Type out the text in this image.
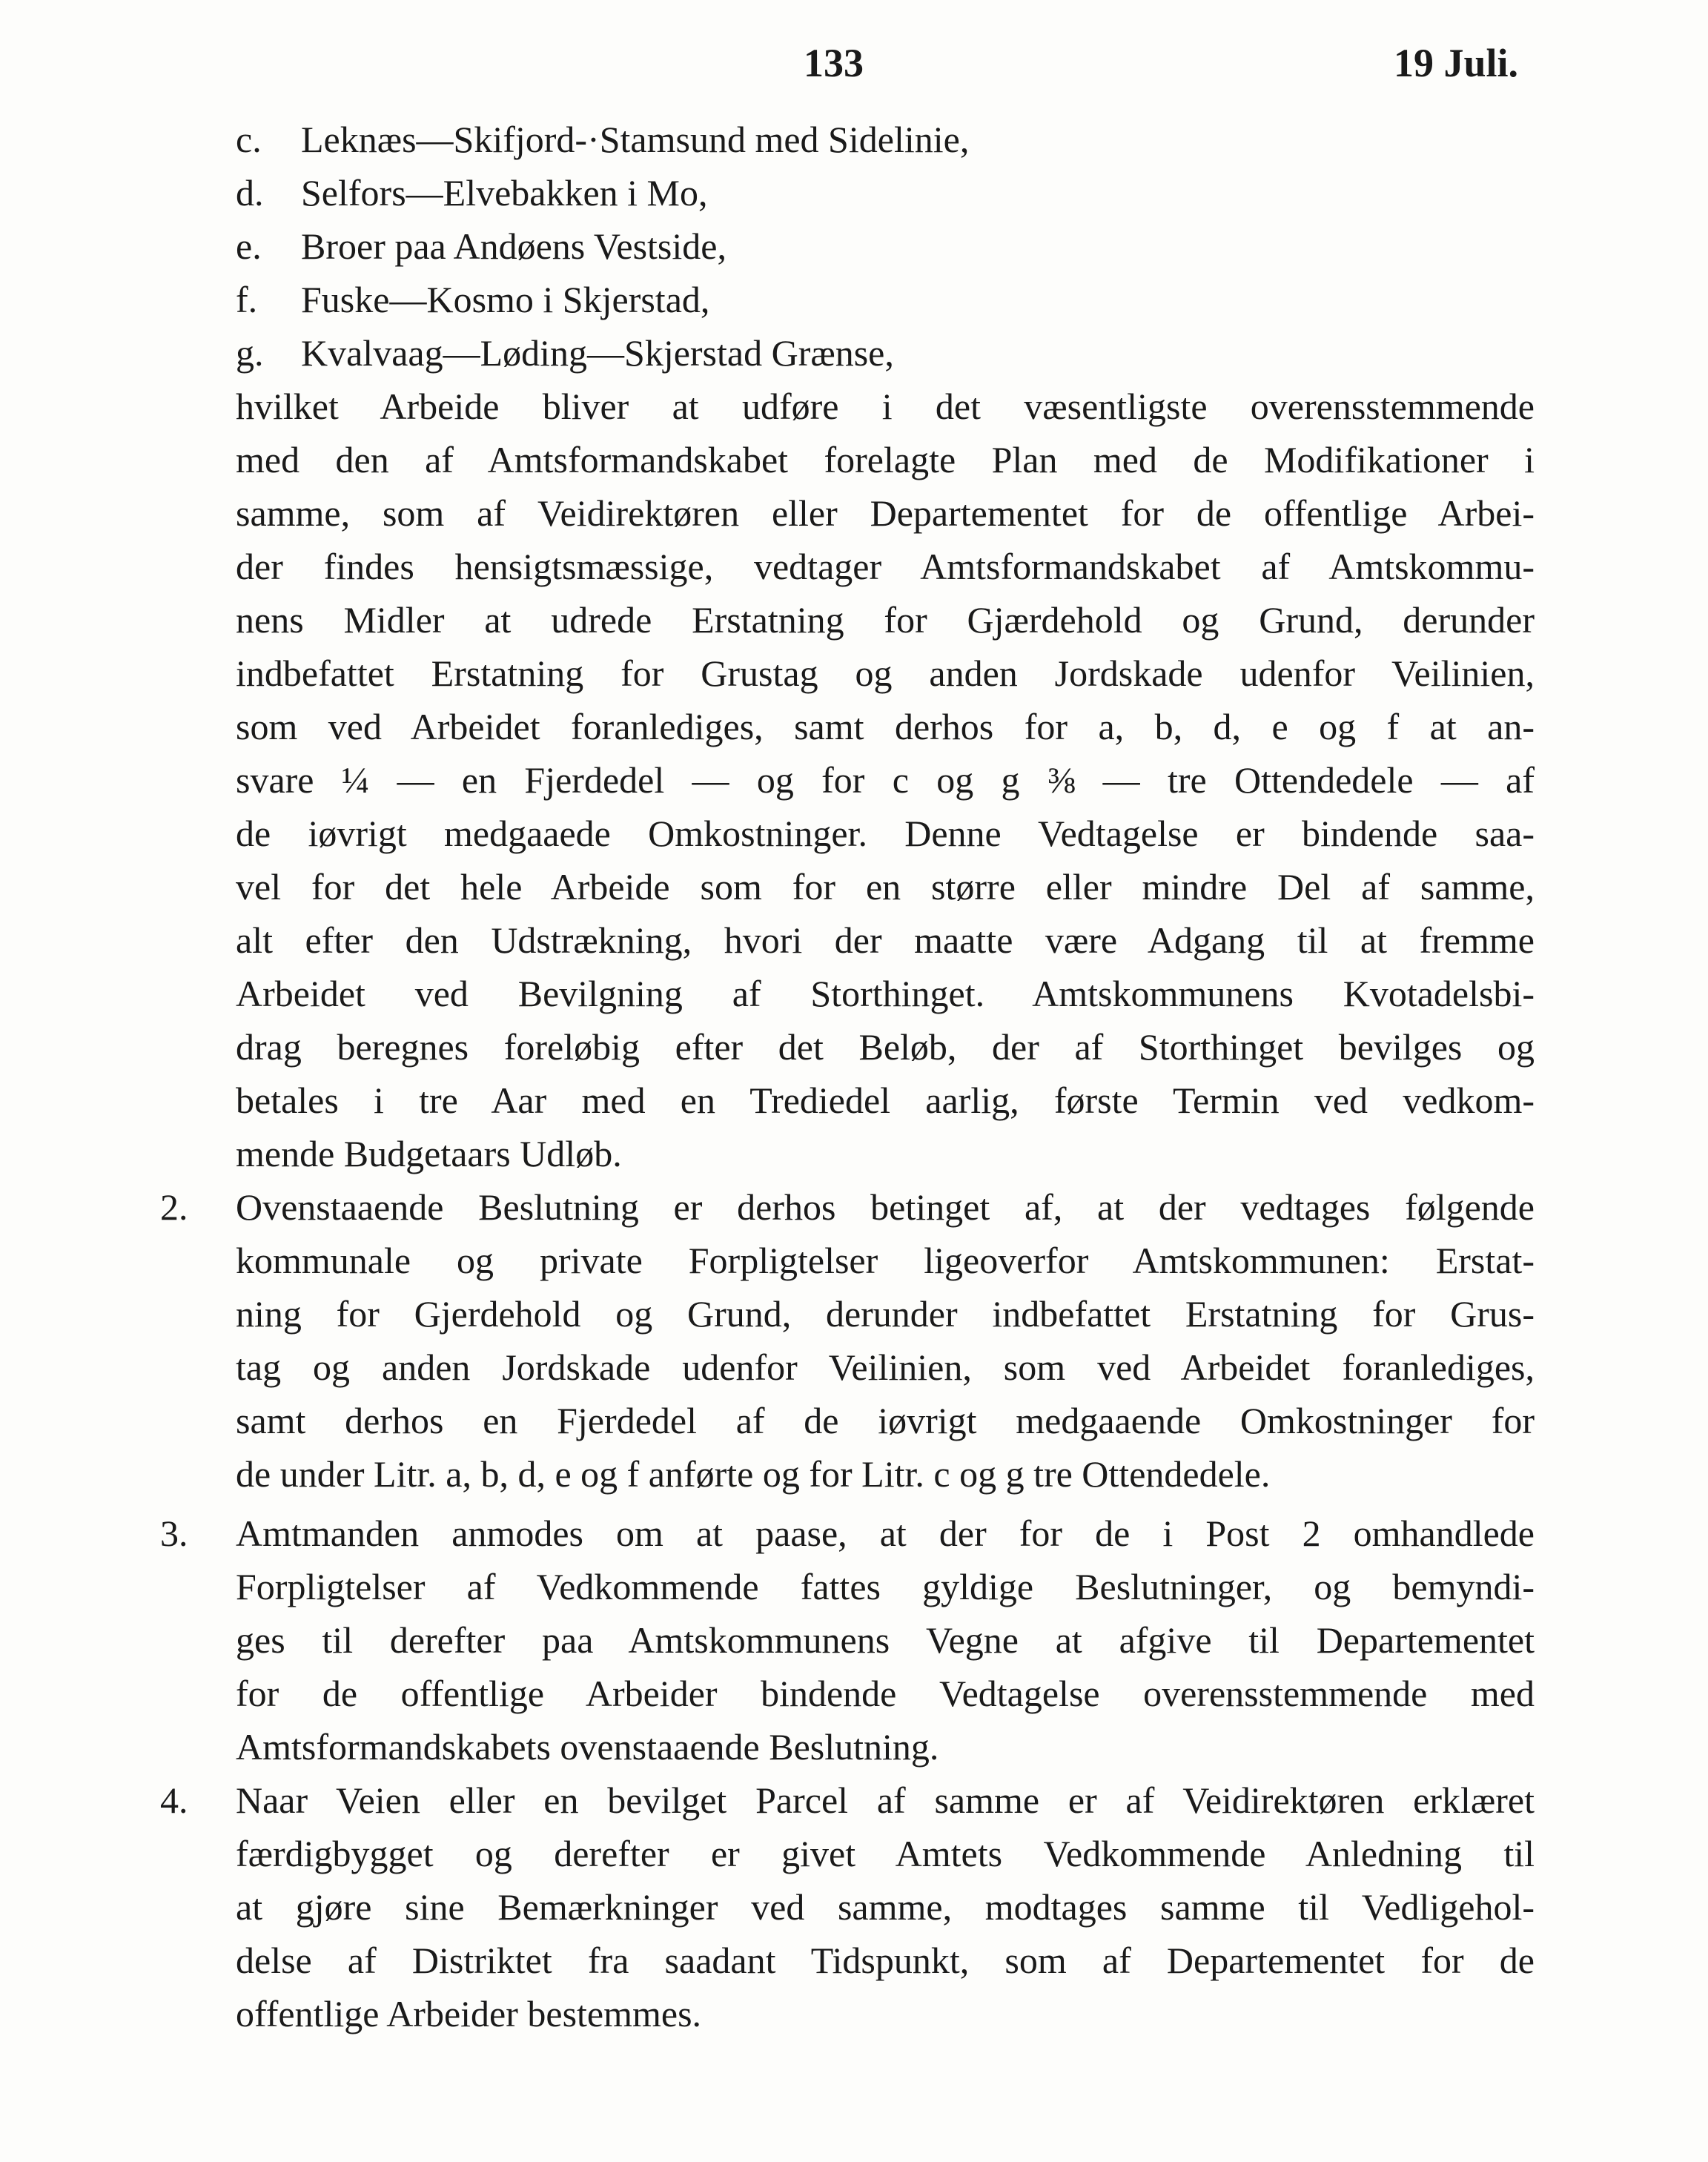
133	19 Juli.
c. Leknæs—Skifjord-·Stamsund med Sidelinie,
d. Selfors—Elvebakken i Mo,
e. Broer paa Andøens Vestside,
f. Fuske—Kosmo i Skjerstad,
g. Kvalvaag—Løding—Skjerstad Grænse,
hvilket Arbeide bliver at udføre i det væsentligste overensstemmende
med den af Amtsformandskabet forelagte Plan med de Modifikationer i
samme, som af Veidirektøren eller Departementet for de offentlige Arbei-
der findes hensigtsmæssige, vedtager Amtsformandskabet af Amtskommu-
nens Midler at udrede Erstatning for Gjærdehold og Grund, derunder
indbefattet Erstatning for Grustag og anden Jordskade udenfor Veilinien,
som ved Arbeidet foranlediges, samt derhos for a, b, d, e og f at an-
svare ¼ — en Fjerdedel — og for c og g ⅜ — tre Ottendedele — af
de iøvrigt medgaaede Omkostninger. Denne Vedtagelse er bindende saa-
vel for det hele Arbeide som for en større eller mindre Del af samme,
alt efter den Udstrækning, hvori der maatte være Adgang til at fremme
Arbeidet ved Bevilgning af Storthinget. Amtskommunens Kvotadelsbi-
drag beregnes foreløbig efter det Beløb, der af Storthinget bevilges og
betales i tre Aar med en Trediedel aarlig, første Termin ved vedkom-
mende Budgetaars Udløb.
2. Ovenstaaende Beslutning er derhos betinget af, at der vedtages følgende
kommunale og private Forpligtelser ligeoverfor Amtskommunen: Erstat-
ning for Gjerdehold og Grund, derunder indbefattet Erstatning for Grus-
tag og anden Jordskade udenfor Veilinien, som ved Arbeidet foranlediges,
samt derhos en Fjerdedel af de iøvrigt medgaaende Omkostninger for
de under Litr. a, b, d, e og f anførte og for Litr. c og g tre Ottendedele.
3. Amtmanden anmodes om at paase, at der for de i Post 2 omhandlede
Forpligtelser af Vedkommende fattes gyldige Beslutninger, og bemyndi-
ges til derefter paa Amtskommunens Vegne at afgive til Departementet
for de offentlige Arbeider bindende Vedtagelse overensstemmende med
Amtsformandskabets ovenstaaende Beslutning.
4. Naar Veien eller en bevilget Parcel af samme er af Veidirektøren erklæret
færdigbygget og derefter er givet Amtets Vedkommende Anledning til
at gjøre sine Bemærkninger ved samme, modtages samme til Vedligehol-
delse af Distriktet fra saadant Tidspunkt, som af Departementet for de
offentlige Arbeider bestemmes.
